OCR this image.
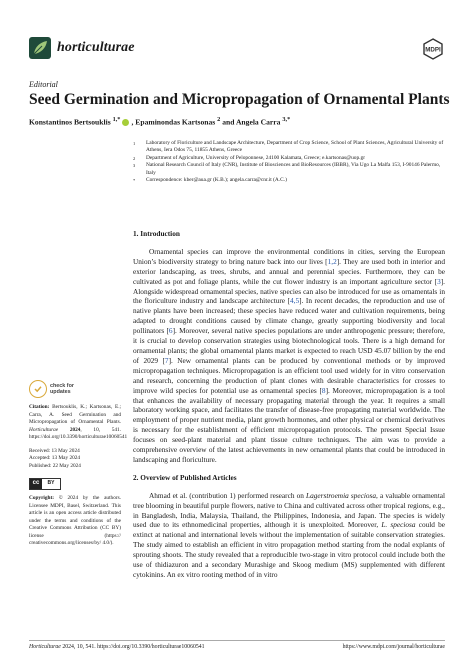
horticulturae	MDPI
Editorial
Seed Germination and Micropropagation of Ornamental Plants
Konstantinos Bertsouklis $^{1,*}$ , Epaminondas Kartsonas $^2$ and Angela Carra $^{3,*}$
1	Laboratory of Floriculture and Landscape Architecture, Department of Crop Science, School of Plant Sciences, Agricultural University of Athens, Iera Odos 75, 11855 Athens, Greece
2	Department of Agriculture, University of Peloponnese, 24100 Kalamata, Greece; e.kartsonas@uop.gr
3	National Research Council of Italy (CNR), Institute of Biosciences and BioResources (IBBR), Via Ugo La Malfa 153, I-90146 Palermo, Italy
*	Correspondence: kber@aua.gr (K.B.); angela.carra@cnr.it (A.C.)

1. Introduction

Ornamental species can improve the environmental conditions in cities, serving the European Union’s biodiversity strategy to bring nature back into our lives [1,2]. They are used both in interior and exterior landscaping, as trees, shrubs, and annual and perennial species. Furthermore, they can be cultivated as pot and foliage plants, while the cut flower industry is an important agriculture sector [3]. Alongside widespread ornamental species, native species can also be introduced for use as ornamentals in the floriculture industry and landscape architecture [4,5]. In recent decades, the reproduction and use of native plants have been increased; these species have reduced water and cultivation requirements, being adapted to drought conditions caused by climate change, greatly supporting biodiversity and local pollinators [6]. Moreover, several native species populations are under anthropogenic pressure; therefore, it is crucial to develop conservation strategies using biotechnological tools. There is a high demand for ornamental plants; the global ornamental plants market is expected to reach USD 45.07 billion by the end of 2029 [7]. New ornamental plants can be produced by conventional methods or by improved micropropagation techniques. Micropropagation is an efficient tool used widely for in vitro conservation and research, concerning the production of plant clones with desirable characteristics for crosses to improve wild species for potential use as ornamental species [8]. Moreover, micropropagation is a tool that enhances the availability of necessary propagating material through the year. It requires a small laboratory working space, and facilitates the transfer of disease-free propagating material worldwide. The employment of proper nutrient media, plant growth hormones, and other physical or chemical derivatives is necessary for the establishment of efficient micropropagation protocols. The present Special Issue focuses on seed-plant material and plant tissue culture techniques. The aim was to provide a comprehensive overview of the latest achievements in new ornamental plants that could be introduced in landscaping and floriculture.

2. Overview of Published Articles

Ahmad et al. (contribution 1) performed research on Lagerstroemia speciosa, a valuable ornamental tree blooming in beautiful purple flowers, native to China and cultivated across other tropical regions, e.g., in Bangladesh, India, Malaysia, Thailand, the Philippines, Indonesia, and Japan. The species is widely used due to its ethnomedicinal properties, although it is unexploited. Moreover, L. speciosa could be extinct at national and international levels without the implementation of suitable conservation strategies. The study aimed to establish an efficient in vitro propagation method starting from the nodal explants of sprouting shoots. The study revealed that a reproducible two-stage in vitro protocol could include both the use of thidiazuron and a secondary Murashige and Skoog medium (MS) supplemented with different cytokinins. An ex vitro rooting method of in vitro

check for
updates
Citation: Bertsouklis, K.; Kartsonas, E.; Carra, A. Seed Germination and Micropropagation of Ornamental Plants. Horticulturae 2024, 10, 541. https://doi.org/10.3390/horticulturae10060541
Received: 13 May 2024
Accepted: 13 May 2024
Published: 22 May 2024
cc	BY
Copyright: © 2024 by the authors. Licensee MDPI, Basel, Switzerland. This article is an open access article distributed under the terms and conditions of the Creative Commons Attribution (CC BY) license (https:// creativecommons.org/licenses/by/ 4.0/).
Horticulturae 2024, 10, 541. https://doi.org/10.3390/horticulturae10060541	https://www.mdpi.com/journal/horticulturae
